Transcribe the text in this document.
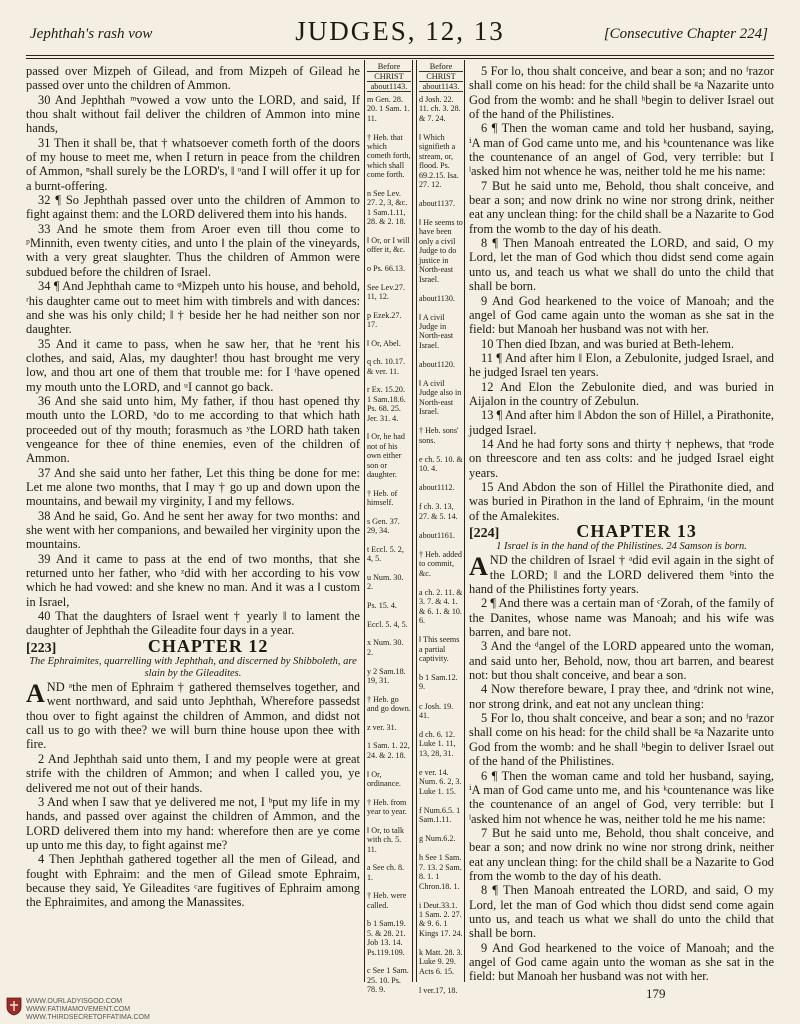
Jephthah's rash vow	JUDGES, 12, 13	[Consecutive Chapter 224]

passed over Mizpeh of Gilead, and from Mizpeh of Gilead he passed over unto the children of Ammon.

30 And Jephthah ᵐvowed a vow unto the LORD, and said, If thou shalt without fail deliver the children of Ammon into mine hands,

31 Then it shall be, that † whatsoever cometh forth of the doors of my house to meet me, when I return in peace from the children of Ammon, ⁿshall surely be the LORD's, ‖ ᵒand I will offer it up for a burnt-offering.

32 ¶ So Jephthah passed over unto the children of Ammon to fight against them: and the LORD delivered them into his hands.

33 And he smote them from Aroer even till thou come to ᵖMinnith, even twenty cities, and unto ‖ the plain of the vineyards, with a very great slaughter. Thus the children of Ammon were subdued before the children of Israel.

34 ¶ And Jephthah came to ᵠMizpeh unto his house, and behold, ʳhis daughter came out to meet him with timbrels and with dances: and she was his only child; ‖ † beside her he had neither son nor daughter.

35 And it came to pass, when he saw her, that he ˢrent his clothes, and said, Alas, my daughter! thou hast brought me very low, and thou art one of them that trouble me: for I ᵗhave opened my mouth unto the LORD, and ᵘI cannot go back.

36 And she said unto him, My father, if thou hast opened thy mouth unto the LORD, ˣdo to me according to that which hath proceeded out of thy mouth; forasmuch as ʸthe LORD hath taken vengeance for thee of thine enemies, even of the children of Ammon.

37 And she said unto her father, Let this thing be done for me: Let me alone two months, that I may † go up and down upon the mountains, and bewail my virginity, I and my fellows.

38 And he said, Go. And he sent her away for two months: and she went with her companions, and bewailed her virginity upon the mountains.

39 And it came to pass at the end of two months, that she returned unto her father, who ᶻdid with her according to his vow which he had vowed: and she knew no man. And it was a ‖ custom in Israel,

40 That the daughters of Israel went † yearly ‖ to lament the daughter of Jephthah the Gileadite four days in a year.

[223]	CHAPTER 12

The Ephraimites, quarrelling with Jephthah, and discerned by Shibboleth, are slain by the Gileadites.

AND ᵃthe men of Ephraim † gathered themselves together, and went northward, and said unto Jephthah, Wherefore passedst thou over to fight against the children of Ammon, and didst not call us to go with thee? we will burn thine house upon thee with fire.

2 And Jephthah said unto them, I and my people were at great strife with the children of Ammon; and when I called you, ye delivered me not out of their hands.

3 And when I saw that ye delivered me not, I ᵇput my life in my hands, and passed over against the children of Ammon, and the LORD delivered them into my hand: wherefore then are ye come up unto me this day, to fight against me?

4 Then Jephthah gathered together all the men of Gilead, and fought with Ephraim: and the men of Gilead smote Ephraim, because they said, Ye Gileadites ᶜare fugitives of Ephraim among the Ephraimites, and among the Manassites.

Before
CHRIST
about1143.
m Gen. 28. 20. 1 Sam. 1. 11.
† Heb. that which cometh forth, which shall come forth.
n See Lev. 27. 2, 3, &c. 1 Sam.1.11, 28. & 2. 18.
‖ Or, or I will offer it, &c.
o Ps. 66.13.
See Lev.27. 11, 12.
p Ezek.27. 17.
‖ Or, Abel.
q ch. 10.17. & ver. 11.
r Ex. 15.20. 1 Sam.18.6. Ps. 68. 25. Jer. 31. 4.
‖ Or, he had not of his own either son or daughter.
† Heb. of himself.
s Gen. 37. 29, 34.
t Eccl. 5. 2, 4, 5.
u Num. 30. 2.
Ps. 15. 4.
Eccl. 5. 4, 5.
x Num. 30. 2.
y 2 Sam.18. 19, 31.
† Heb. go and go down.
z ver. 31.
1 Sam. 1. 22, 24. & 2. 18.
‖ Or, ordinance.
† Heb. from year to year.
‖ Or, to talk with ch. 5. 11.
a See ch. 8. 1.
† Heb. were called.
b 1 Sam.19. 5. & 28. 21. Job 13. 14. Ps.119.109.
c See 1 Sam. 25. 10. Ps. 78. 9.
Before
CHRIST
about1143.
d Josh. 22. 11. ch. 3. 28. & 7. 24.
‖ Which signifieth a stream, or, flood. Ps. 69.2.15. Isa. 27. 12.
about1137.
‖ He seems to have been only a civil Judge to do justice in North-east Israel.
about1130.
‖ A civil Judge in North-east Israel.
about1120.
‖ A civil Judge also in North-east Israel.
† Heb. sons' sons.
e ch. 5. 10. & 10. 4.
about1112.
f ch. 3. 13, 27. & 5. 14.
about1161.
† Heb. added to commit, &c.
a ch. 2. 11. & 3. 7. & 4. 1. & 6. 1. & 10. 6.
‖ This seems a partial captivity.
b 1 Sam.12. 9.
c Josh. 19. 41.
d ch. 6. 12. Luke 1. 11, 13, 28, 31.
e ver. 14. Num. 6. 2, 3. Luke 1. 15.
f Num.6.5. 1 Sam.1.11.
g Num.6.2.
h See 1 Sam. 7. 13. 2 Sam. 8. 1. 1 Chron.18. 1.
i Deut.33.1. 1 Sam. 2. 27. & 9. 6. 1 Kings 17. 24.
k Matt. 28. 3. Luke 9. 29. Acts 6. 15.
l ver.17, 18.

5 For lo, thou shalt conceive, and bear a son; and no ᶠrazor shall come on his head: for the child shall be ᵍa Nazarite unto God from the womb: and he shall ʰbegin to deliver Israel out of the hand of the Philistines.

6 ¶ Then the woman came and told her husband, saying, ⁱA man of God came unto me, and his ᵏcountenance was like the countenance of an angel of God, very terrible: but I ˡasked him not whence he was, neither told he me his name:

7 But he said unto me, Behold, thou shalt conceive, and bear a son; and now drink no wine nor strong drink, neither eat any unclean thing: for the child shall be a Nazarite to God from the womb to the day of his death.

8 ¶ Then Manoah entreated the LORD, and said, O my Lord, let the man of God which thou didst send come again unto us, and teach us what we shall do unto the child that shall be born.

9 And God hearkened to the voice of Manoah; and the angel of God came again unto the woman as she sat in the field: but Manoah her husband was not with her.

10 Then died Ibzan, and was buried at Beth-lehem.

11 ¶ And after him ‖ Elon, a Zebulonite, judged Israel, and he judged Israel ten years.

12 And Elon the Zebulonite died, and was buried in Aijalon in the country of Zebulun.

13 ¶ And after him ‖ Abdon the son of Hillel, a Pirathonite, judged Israel.

14 And he had forty sons and thirty † nephews, that ᵉrode on threescore and ten ass colts: and he judged Israel eight years.

15 And Abdon the son of Hillel the Pirathonite died, and was buried in Pirathon in the land of Ephraim, ᶠin the mount of the Amalekites.

[224]	CHAPTER 13

1 Israel is in the hand of the Philistines. 24 Samson is born.

AND the children of Israel † ᵃdid evil again in the sight of the LORD; ‖ and the LORD delivered them ᵇinto the hand of the Philistines forty years.

2 ¶ And there was a certain man of ᶜZorah, of the family of the Danites, whose name was Manoah; and his wife was barren, and bare not.

3 And the ᵈangel of the LORD appeared unto the woman, and said unto her, Behold, now, thou art barren, and bearest not: but thou shalt conceive, and bear a son.

4 Now therefore beware, I pray thee, and ᵉdrink not wine, nor strong drink, and eat not any unclean thing:

5 For lo, thou shalt conceive, and bear a son; and no ᶠrazor shall come on his head: for the child shall be ᵍa Nazarite unto God from the womb: and he shall ʰbegin to deliver Israel out of the hand of the Philistines.

6 ¶ Then the woman came and told her husband, saying, ⁱA man of God came unto me, and his ᵏcountenance was like the countenance of an angel of God, very terrible: but I ˡasked him not whence he was, neither told he me his name:

7 But he said unto me, Behold, thou shalt conceive, and bear a son; and now drink no wine nor strong drink, neither eat any unclean thing: for the child shall be a Nazarite to God from the womb to the day of his death.

8 ¶ Then Manoah entreated the LORD, and said, O my Lord, let the man of God which thou didst send come again unto us, and teach us what we shall do unto the child that shall be born.

9 And God hearkened to the voice of Manoah; and the angel of God came again unto the woman as she sat in the field: but Manoah her husband was not with her.

179
WWW.OURLADYISGOD.COM
WWW.FATIMAMOVEMENT.COM
WWW.THIRDSECRETOFFATIMA.COM
